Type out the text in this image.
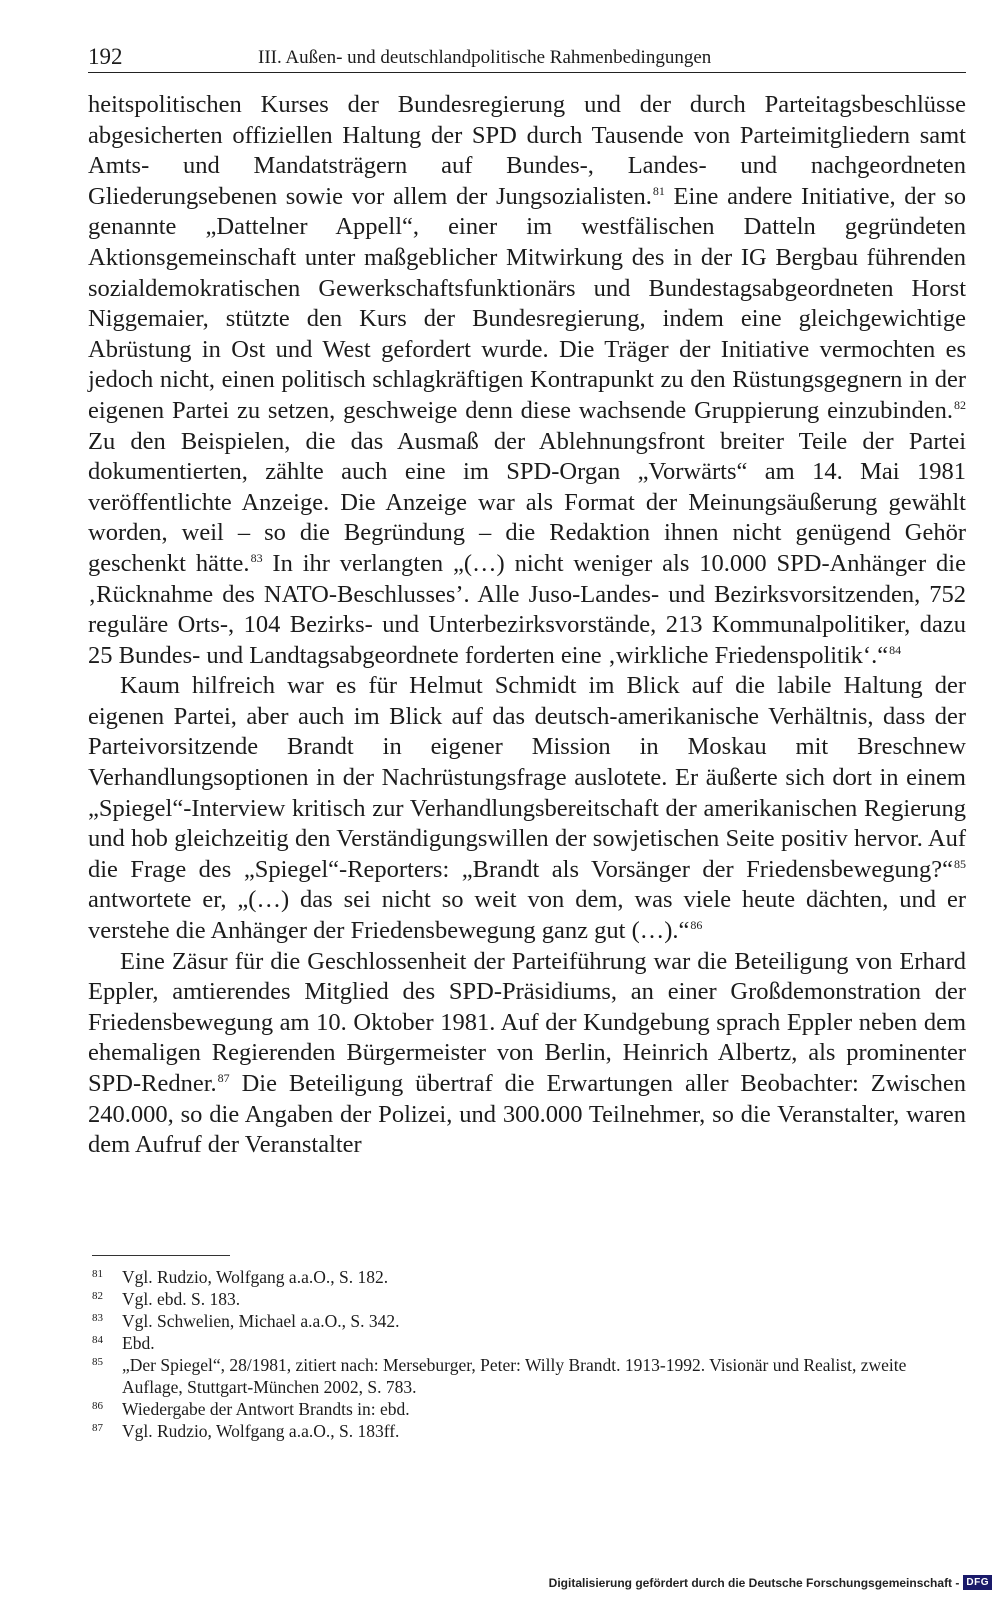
192	III. Außen- und deutschlandpolitische Rahmenbedingungen

heitspolitischen Kurses der Bundesregierung und der durch Parteitagsbeschlüsse abgesicherten offiziellen Haltung der SPD durch Tausende von Parteimitgliedern samt Amts- und Mandatsträgern auf Bundes-, Landes- und nachgeordneten Gliederungsebenen sowie vor allem der Jungsozialisten.$^{81}$ Eine andere Initiative, der so genannte „Dattelner Appell“, einer im westfälischen Datteln gegründeten Aktionsgemeinschaft unter maßgeblicher Mitwirkung des in der IG Bergbau führenden sozialdemokratischen Gewerkschaftsfunktionärs und Bundestagsabgeordneten Horst Niggemaier, stützte den Kurs der Bundesregierung, indem eine gleichgewichtige Abrüstung in Ost und West gefordert wurde. Die Träger der Initiative vermochten es jedoch nicht, einen politisch schlagkräftigen Kontrapunkt zu den Rüstungsgegnern in der eigenen Partei zu setzen, geschweige denn diese wachsende Gruppierung einzubinden.$^{82}$ Zu den Beispielen, die das Ausmaß der Ablehnungsfront breiter Teile der Partei dokumentierten, zählte auch eine im SPD-Organ „Vorwärts“ am 14. Mai 1981 veröffentlichte Anzeige. Die Anzeige war als Format der Meinungsäußerung gewählt worden, weil – so die Begründung – die Redaktion ihnen nicht genügend Gehör geschenkt hätte.$^{83}$ In ihr verlangten „(…) nicht weniger als 10.000 SPD-Anhänger die ‚Rücknahme des NATO-Beschlusses’. Alle Juso-Landes- und Bezirksvorsitzenden, 752 reguläre Orts-, 104 Bezirks- und Unterbezirksvorstände, 213 Kommunalpolitiker, dazu 25 Bundes- und Landtagsabgeordnete forderten eine ‚wirkliche Friedenspolitik‘.“$^{84}$

Kaum hilfreich war es für Helmut Schmidt im Blick auf die labile Haltung der eigenen Partei, aber auch im Blick auf das deutsch-amerikanische Verhältnis, dass der Parteivorsitzende Brandt in eigener Mission in Moskau mit Breschnew Verhandlungsoptionen in der Nachrüstungsfrage auslotete. Er äußerte sich dort in einem „Spiegel“-Interview kritisch zur Verhandlungsbereitschaft der amerikanischen Regierung und hob gleichzeitig den Verständigungswillen der sowjetischen Seite positiv hervor. Auf die Frage des „Spiegel“-Reporters: „Brandt als Vorsänger der Friedensbewegung?“$^{85}$ antwortete er, „(…) das sei nicht so weit von dem, was viele heute dächten, und er verstehe die Anhänger der Friedensbewegung ganz gut (…).“$^{86}$

Eine Zäsur für die Geschlossenheit der Parteiführung war die Beteiligung von Erhard Eppler, amtierendes Mitglied des SPD-Präsidiums, an einer Großdemonstration der Friedensbewegung am 10. Oktober 1981. Auf der Kundgebung sprach Eppler neben dem ehemaligen Regierenden Bürgermeister von Berlin, Heinrich Albertz, als prominenter SPD-Redner.$^{87}$ Die Beteiligung übertraf die Erwartungen aller Beobachter: Zwischen 240.000, so die Angaben der Polizei, und 300.000 Teilnehmer, so die Veranstalter, waren dem Aufruf der Veranstalter

81	Vgl. Rudzio, Wolfgang a.a.O., S. 182.
82	Vgl. ebd. S. 183.
83	Vgl. Schwelien, Michael a.a.O., S. 342.
84	Ebd.
85	„Der Spiegel“, 28/1981, zitiert nach: Merseburger, Peter: Willy Brandt. 1913-1992. Visionär und Realist, zweite Auflage, Stuttgart-München 2002, S. 783.
86	Wiedergabe der Antwort Brandts in: ebd.
87	Vgl. Rudzio, Wolfgang a.a.O., S. 183ff.
Digitalisierung gefördert durch die Deutsche Forschungsgemeinschaft - DFG
